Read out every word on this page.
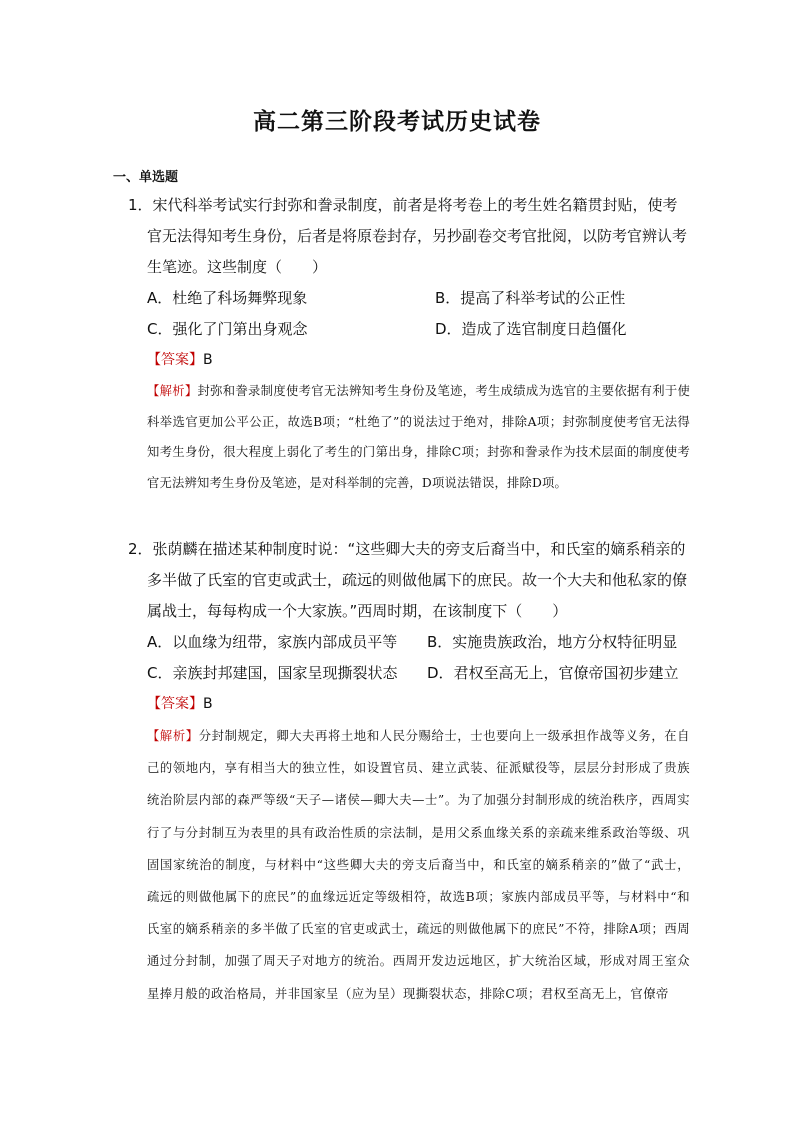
高二第三阶段考试历史试卷
一、单选题
1．宋代科举考试实行封弥和誊录制度，前者是将考卷上的考生姓名籍贯封贴，使考官无法得知考生身份，后者是将原卷封存，另抄副卷交考官批阅，以防考官辨认考生笔迹。这些制度（　　）
A．杜绝了科场舞弊现象	B．提高了科举考试的公正性
C．强化了门第出身观念	D．造成了选官制度日趋僵化
【答案】B
【解析】封弥和誊录制度使考官无法辨知考生身份及笔迹，考生成绩成为选官的主要依据有利于使科举选官更加公平公正，故选B项；“杜绝了”的说法过于绝对，排除A项；封弥制度使考官无法得知考生身份，很大程度上弱化了考生的门第出身，排除C项；封弥和誊录作为技术层面的制度使考官无法辨知考生身份及笔迹，是对科举制的完善，D项说法错误，排除D项。
2．张荫麟在描述某种制度时说：“这些卿大夫的旁支后裔当中，和氏室的嫡系稍亲的多半做了氏室的官吏或武士，疏远的则做他属下的庶民。故一个大夫和他私家的僚属战士，每每构成一个大家族。”西周时期，在该制度下（　　）
A．以血缘为纽带，家族内部成员平等 B．实施贵族政治，地方分权特征明显
C．亲族封邦建国，国家呈现撕裂状态 D．君权至高无上，官僚帝国初步建立
【答案】B
【解析】分封制规定，卿大夫再将土地和人民分赐给士，士也要向上一级承担作战等义务，在自己的领地内，享有相当大的独立性，如设置官员、建立武装、征派赋役等，层层分封形成了贵族统治阶层内部的森严等级“天子—诸侯—卿大夫—士”。为了加强分封制形成的统治秩序，西周实行了与分封制互为表里的具有政治性质的宗法制，是用父系血缘关系的亲疏来维系政治等级、巩固国家统治的制度，与材料中“这些卿大夫的旁支后裔当中，和氏室的嫡系稍亲的”做了“武士，疏远的则做他属下的庶民”的血缘远近定等级相符，故选B项；家族内部成员平等，与材料中“和氏室的嫡系稍亲的多半做了氏室的官吏或武士，疏远的则做他属下的庶民”不符，排除A项；西周通过分封制，加强了周天子对地方的统治。西周开发边远地区，扩大统治区域，形成对周王室众星捧月般的政治格局，并非国家呈（应为呈）现撕裂状态，排除C项；君权至高无上，官僚帝
